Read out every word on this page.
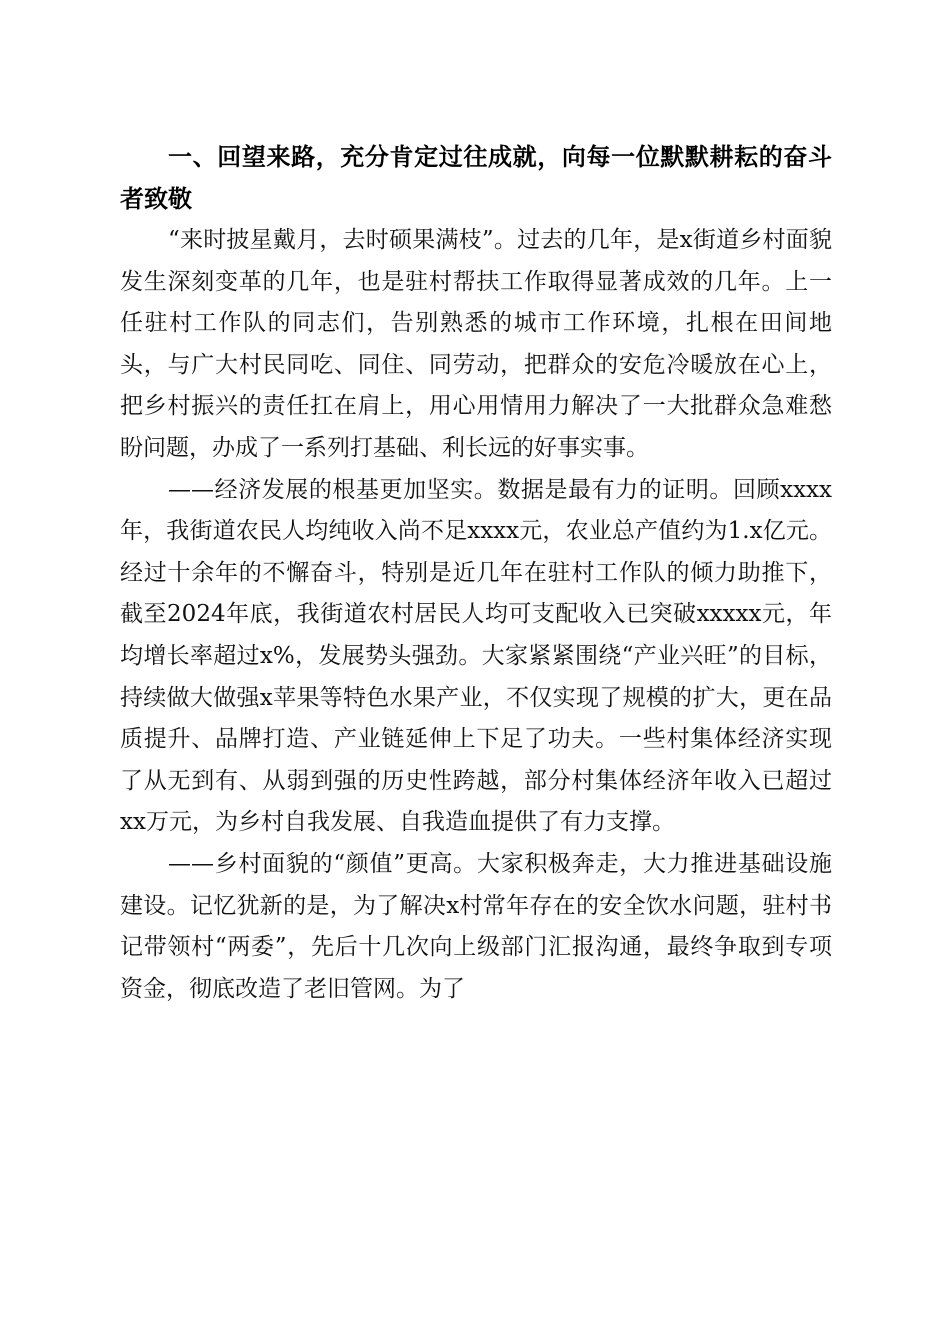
一、回望来路，充分肯定过往成就，向每一位默默耕耘的奋斗者致敬

“来时披星戴月，去时硕果满枝”。过去的几年，是x街道乡村面貌发生深刻变革的几年，也是驻村帮扶工作取得显著成效的几年。上一任驻村工作队的同志们，告别熟悉的城市工作环境，扎根在田间地头，与广大村民同吃、同住、同劳动，把群众的安危冷暖放在心上，把乡村振兴的责任扛在肩上，用心用情用力解决了一大批群众急难愁盼问题，办成了一系列打基础、利长远的好事实事。

——经济发展的根基更加坚实。数据是最有力的证明。回顾xxxx年，我街道农民人均纯收入尚不足xxxx元，农业总产值约为1.x亿元。经过十余年的不懈奋斗，特别是近几年在驻村工作队的倾力助推下，截至2024年底，我街道农村居民人均可支配收入已突破xxxxx元，年均增长率超过x%，发展势头强劲。大家紧紧围绕“产业兴旺”的目标，持续做大做强x苹果等特色水果产业，不仅实现了规模的扩大，更在品质提升、品牌打造、产业链延伸上下足了功夫。一些村集体经济实现了从无到有、从弱到强的历史性跨越，部分村集体经济年收入已超过xx万元，为乡村自我发展、自我造血提供了有力支撑。

——乡村面貌的“颜值”更高。大家积极奔走，大力推进基础设施建设。记忆犹新的是，为了解决x村常年存在的安全饮水问题，驻村书记带领村“两委”，先后十几次向上级部门汇报沟通，最终争取到专项资金，彻底改造了老旧管网。为了
